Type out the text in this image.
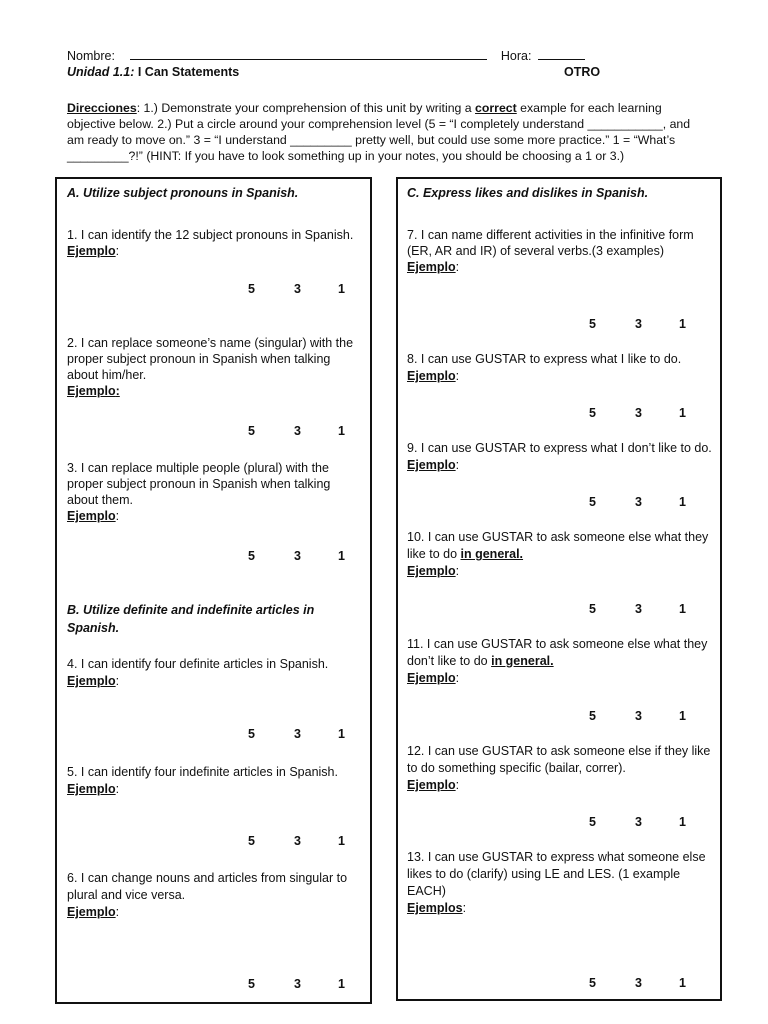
Nombre:	Hora:
Unidad 1.1: I Can Statements	OTRO
Direcciones: 1.) Demonstrate your comprehension of this unit by writing a correct example for each learning
objective below. 2.) Put a circle around your comprehension level (5 = “I completely understand ___________, and
am ready to move on.” 3 = “I understand _________ pretty well, but could use some more practice.” 1 = “What’s
_________?!” (HINT: If you have to look something up in your notes, you should be choosing a 1 or 3.)
A. Utilize subject pronouns in Spanish.
1. I can identify the 12 subject pronouns in Spanish.
Ejemplo:
5	3	1
2. I can replace someone’s name (singular) with the
proper subject pronoun in Spanish when talking
about him/her.
Ejemplo:
5	3	1
3. I can replace multiple people (plural) with the
proper subject pronoun in Spanish when talking
about them.
Ejemplo:
5	3	1
B. Utilize definite and indefinite articles in
Spanish.
4. I can identify four definite articles in Spanish.
Ejemplo:
5	3	1
5. I can identify four indefinite articles in Spanish.
Ejemplo:
5	3	1
6. I can change nouns and articles from singular to
plural and vice versa.
Ejemplo:
5	3	1
C. Express likes and dislikes in Spanish.
7. I can name different activities in the infinitive form
(ER, AR and IR) of several verbs.(3 examples)
Ejemplo:
5	3	1
8. I can use GUSTAR to express what I like to do.
Ejemplo:
5	3	1
9. I can use GUSTAR to express what I don’t like to do.
Ejemplo:
5	3	1
10. I can use GUSTAR to ask someone else what they
like to do in general.
Ejemplo:
5	3	1
11. I can use GUSTAR to ask someone else what they
don’t like to do in general.
Ejemplo:
5	3	1
12. I can use GUSTAR to ask someone else if they like
to do something specific (bailar, correr).
Ejemplo:
5	3	1
13. I can use GUSTAR to express what someone else
likes to do (clarify) using LE and LES. (1 example
EACH)
Ejemplos:
5	3	1
